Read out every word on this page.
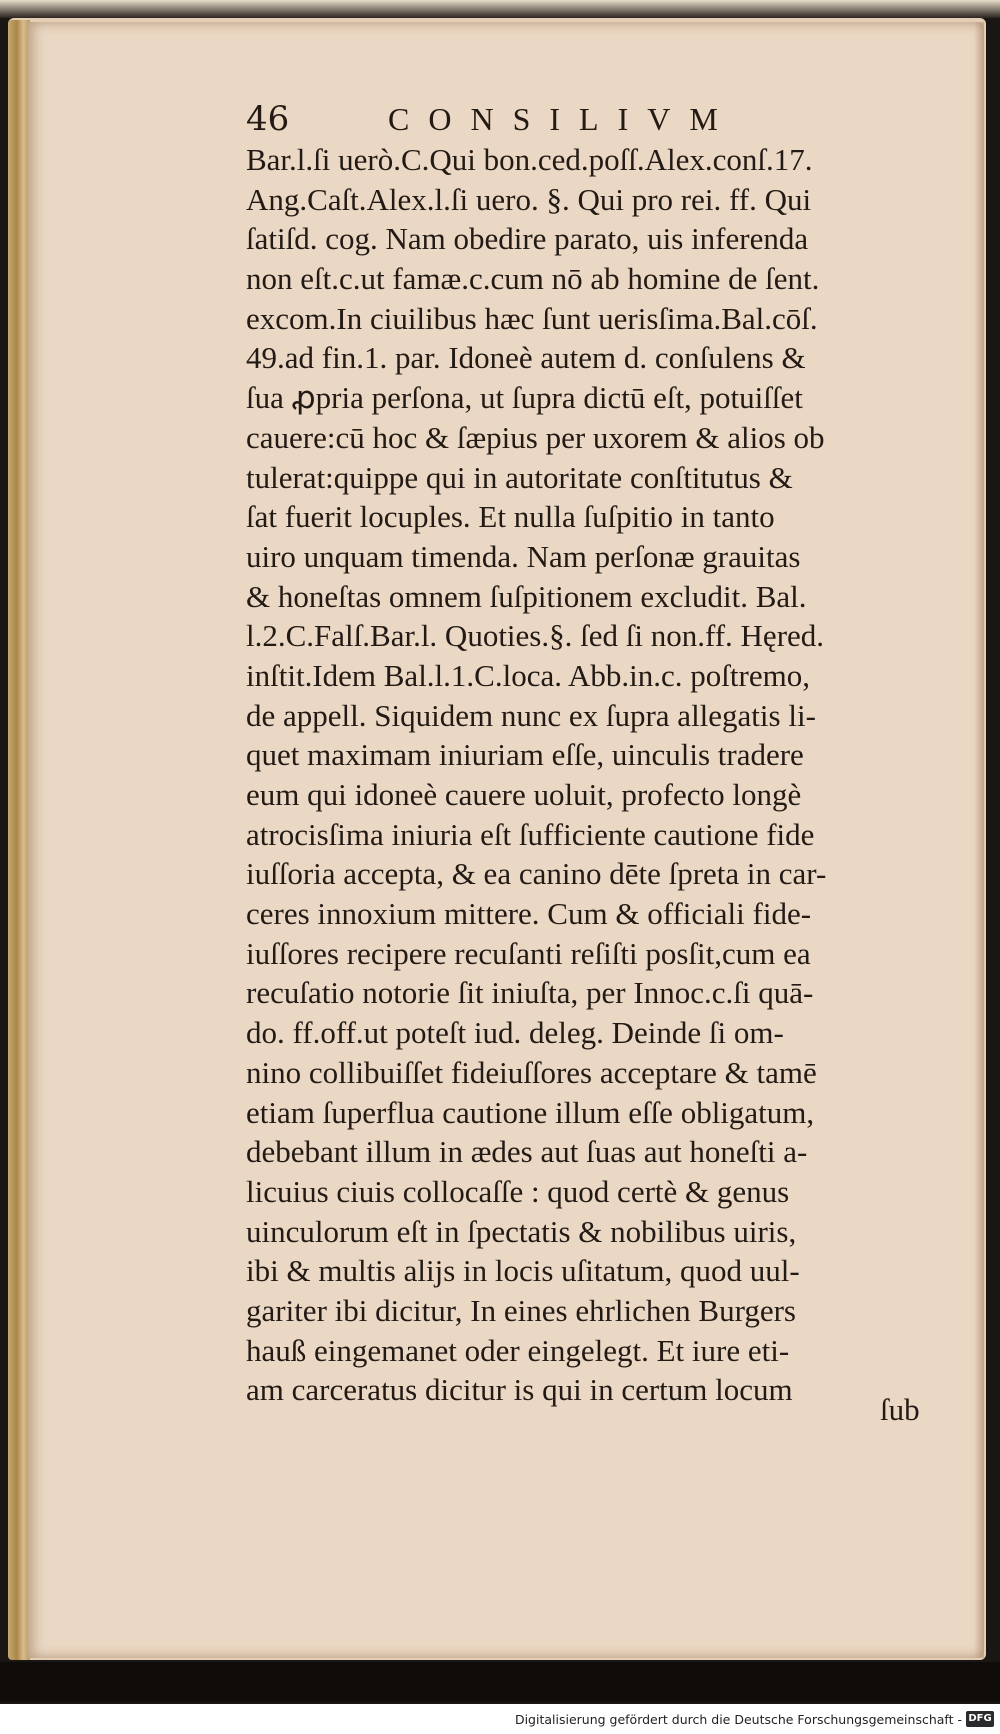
46	CONSILIVM
Bar.l.ſi uerò.C.Qui bon.ced.poſſ.Alex.conſ.17.
Ang.Caſt.Alex.l.ſi uero. §. Qui pro rei. ff. Qui
ſatiſd. cog. Nam obedire parato, uis inferenda
non eſt.c.ut famæ.c.cum nō ab homine de ſent.
excom.In ciuilibus hæc ſunt uerisſima.Bal.cōſ.
49.ad fin.1. par. Idoneè autem d. conſulens &
ſua ꝓpria perſona, ut ſupra dictū eſt, potuiſſet
cauere:cū hoc & ſæpius per uxorem & alios ob
tulerat:quippe qui in autoritate conſtitutus &
ſat fuerit locuples. Et nulla ſuſpitio in tanto
uiro unquam timenda. Nam perſonæ grauitas
& honeſtas omnem ſuſpitionem excludit. Bal.
l.2.C.Falſ.Bar.l. Quoties.§. ſed ſi non.ff. Hęred.
inſtit.Idem Bal.l.1.C.loca. Abb.in.c. poſtremo,
de appell. Siquidem nunc ex ſupra allegatis li-
quet maximam iniuriam eſſe, uinculis tradere
eum qui idoneè cauere uoluit, profecto longè
atrocisſima iniuria eſt ſufficiente cautione fide
iuſſoria accepta, & ea canino dēte ſpreta in car-
ceres innoxium mittere. Cum & officiali fide-
iuſſores recipere recuſanti reſiſti posſit,cum ea
recuſatio notorie ſit iniuſta, per Innoc.c.ſi quā-
do. ff.off.ut poteſt iud. deleg. Deinde ſi om-
nino collibuiſſet fideiuſſores acceptare & tamē
etiam ſuperflua cautione illum eſſe obligatum,
debebant illum in ædes aut ſuas aut honeſti a-
licuius ciuis collocaſſe : quod certè & genus
uinculorum eſt in ſpectatis & nobilibus uiris,
ibi & multis alijs in locis uſitatum, quod uul-
gariter ibi dicitur, In eines ehrlichen Burgers
hauß eingemanet oder eingelegt. Et iure eti-
am carceratus dicitur is qui in certum locum
ſub
Digitalisierung gefördert durch die Deutsche Forschungsgemeinschaft - DFG
